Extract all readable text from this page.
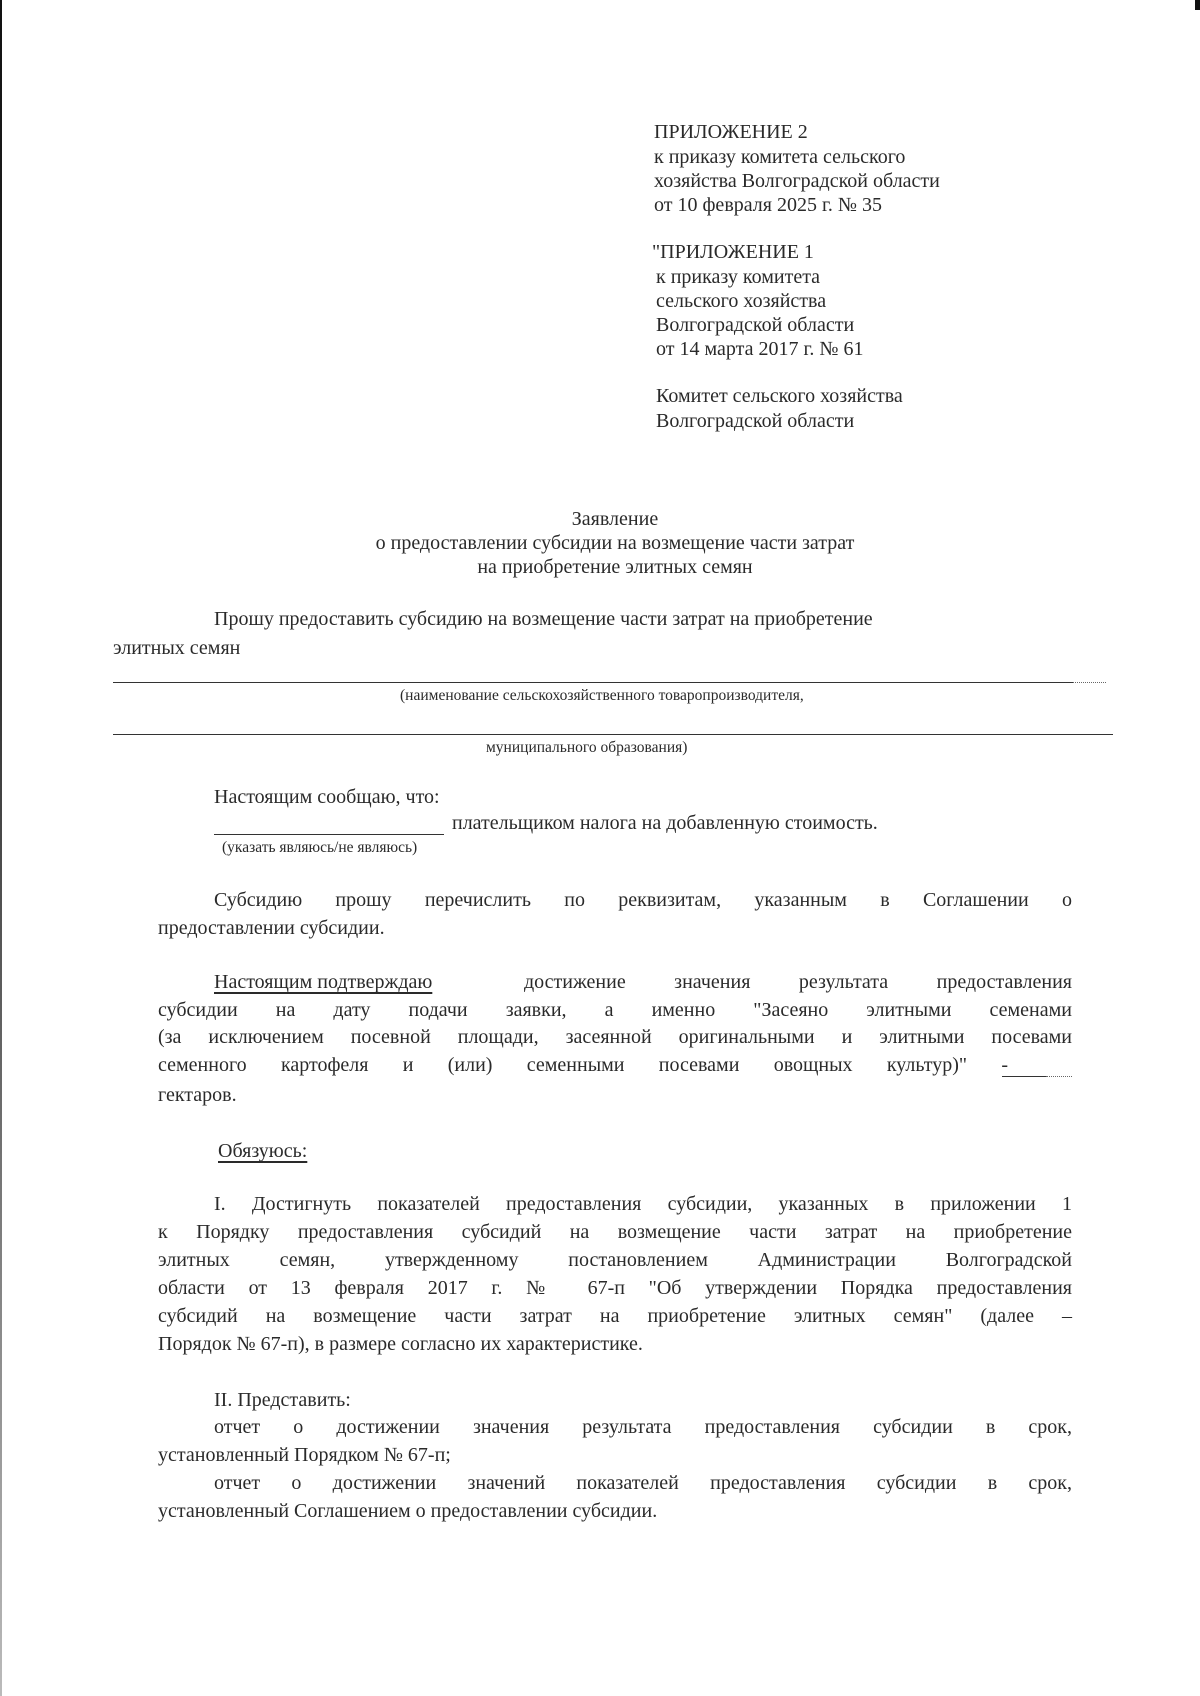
ПРИЛОЖЕНИЕ 2
к приказу комитета сельского
хозяйства Волгоградской области
от 10 февраля 2025 г. № 35
"ПРИЛОЖЕНИЕ 1
к приказу комитета
сельского хозяйства
Волгоградской области
от 14 марта 2017 г. № 61
Комитет сельского хозяйства
Волгоградской области
Заявление
о предоставлении субсидии на возмещение части затрат
на приобретение элитных семян
Прошу предоставить субсидию на возмещение части затрат на приобретение
элитных семян
(наименование сельскохозяйственного товаропроизводителя,
муниципального образования)
Настоящим сообщаю, что:
плательщиком налога на добавленную стоимость.
(указать являюсь/не являюсь)
Субсидию прошу перечислить по реквизитам, указанным в Соглашении о
предоставлении субсидии.
Настоящим подтверждаю	достижение значения результата предоставления
субсидии на дату подачи заявки, а именно "Засеяно элитными семенами
(за исключением посевной площади, засеянной оригинальными и элитными посевами
семенного картофеля и (или) семенными посевами овощных культур)" -
гектаров.
Обязуюсь:
I. Достигнуть показателей предоставления субсидии, указанных в приложении 1
к Порядку предоставления субсидий на возмещение части затрат на приобретение
элитных семян, утвержденному постановлением Администрации Волгоградской
области от 13 февраля 2017 г. № 67-п "Об утверждении Порядка предоставления
субсидий на возмещение части затрат на приобретение элитных семян" (далее –
Порядок № 67-п), в размере согласно их характеристике.
II. Представить:
отчет о достижении значения результата предоставления субсидии в срок,
установленный Порядком № 67-п;
отчет о достижении значений показателей предоставления субсидии в срок,
установленный Соглашением о предоставлении субсидии.
